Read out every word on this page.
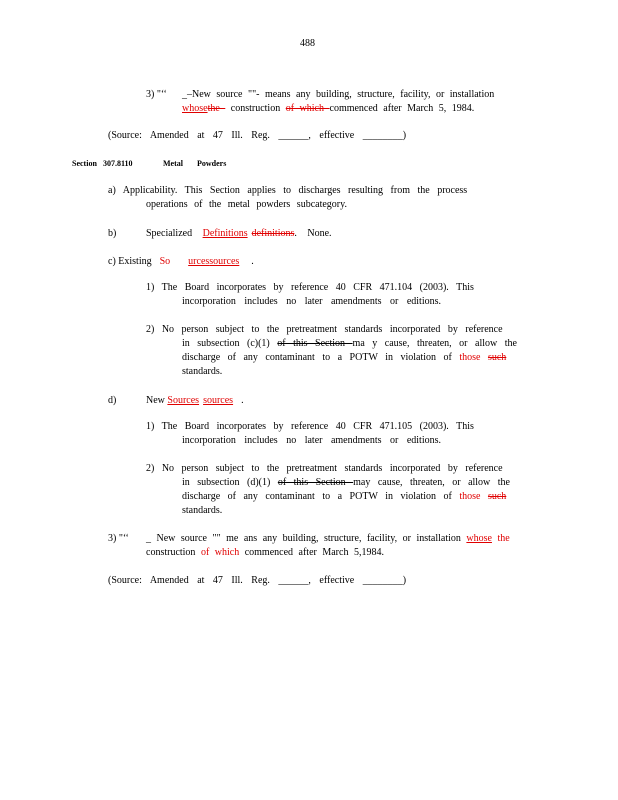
488
3) "‘‘ _–New source ""- means any building, structure, facility, or installation
whosethe  construction of which commenced after March 5, 1984.
(Source: Amended at 47 Ill. Reg. ______, effective ________)
Section 307.8110	Metal Powders
a) Applicability. This Section applies to discharges resulting from the process
operations of the metal powders subcategory.
b)	Specialized Definitions definitions. None.
c) Existing So urcessources .
1) The Board incorporates by reference 40 CFR 471.104 (2003). This
incorporation includes no later amendments or editions.
2) No person subject to the pretreatment standards incorporated by reference
in subsection (c)(1) of this Section ma y cause, threaten, or allow the
discharge of any contaminant to a POTW in violation of those such
standards.
d)	New Sources sources .
1) The Board incorporates by reference 40 CFR 471.105 (2003). This
incorporation includes no later amendments or editions.
2) No person subject to the pretreatment standards incorporated by reference
in subsection (d)(1) of this Section may cause, threaten, or allow the
discharge of any contaminant to a POTW in violation of those such
standards.
3) "‘‘ _ New source "" me ans any building, structure, facility, or installation whose the
construction of which commenced after March 5,1984.
(Source: Amended at 47 Ill. Reg. ______, effective ________)
